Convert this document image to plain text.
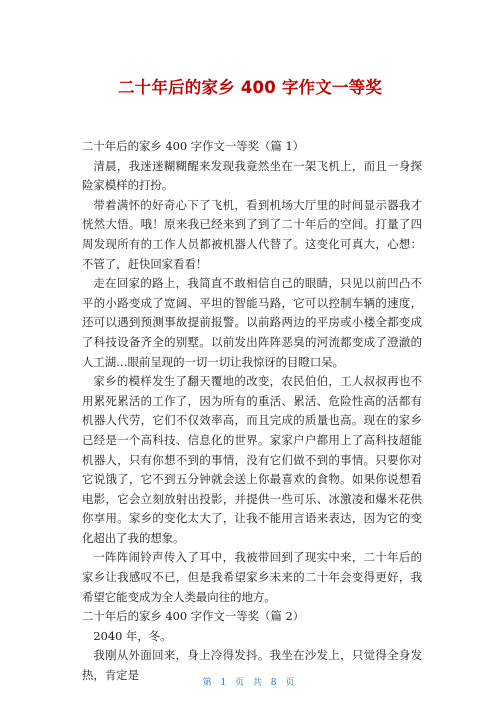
二十年后的家乡 400 字作文一等奖

二十年后的家乡 400 字作文一等奖（篇 1）

清晨，我迷迷糊糊醒来发现我竟然坐在一架飞机上，而且一身探险家模样的打扮。

带着满怀的好奇心下了飞机，看到机场大厅里的时间显示器我才恍然大悟。哦！原来我已经来到了到了二十年后的空间。打量了四周发现所有的工作人员都被机器人代替了。这变化可真大，心想：不管了，赶快回家看看！

走在回家的路上，我简直不敢相信自己的眼睛，只见以前凹凸不平的小路变成了宽阔、平坦的智能马路，它可以控制车辆的速度，还可以遇到预测事故提前报警。以前路两边的平房或小楼全都变成了科技设备齐全的别墅。以前发出阵阵恶臭的河流都变成了澄澈的人工湖…眼前呈现的一切一切让我惊讶的目瞪口呆。

家乡的模样发生了翻天覆地的改变，农民伯伯，工人叔叔再也不用累死累活的工作了，因为所有的重活、累活、危险性高的活都有机器人代劳，它们不仅效率高，而且完成的质量也高。现在的家乡已经是一个高科技、信息化的世界。家家户户都用上了高科技超能机器人，只有你想不到的事情，没有它们做不到的事情。只要你对它说饿了，它不到五分钟就会送上你最喜欢的食物。如果你说想看电影，它会立刻放射出投影，并提供一些可乐、冰激凌和爆米花供你享用。家乡的变化太大了，让我不能用言语来表达，因为它的变化超出了我的想象。

一阵阵闹铃声传入了耳中，我被带回到了现实中来，二十年后的家乡让我感叹不已，但是我希望家乡未来的二十年会变得更好，我希望它能变成为全人类最向往的地方。

二十年后的家乡 400 字作文一等奖（篇 2）

2040 年，冬。

我刚从外面回来，身上冷得发抖。我坐在沙发上，只觉得全身发热，肯定是

第 1 页 共 8 页
